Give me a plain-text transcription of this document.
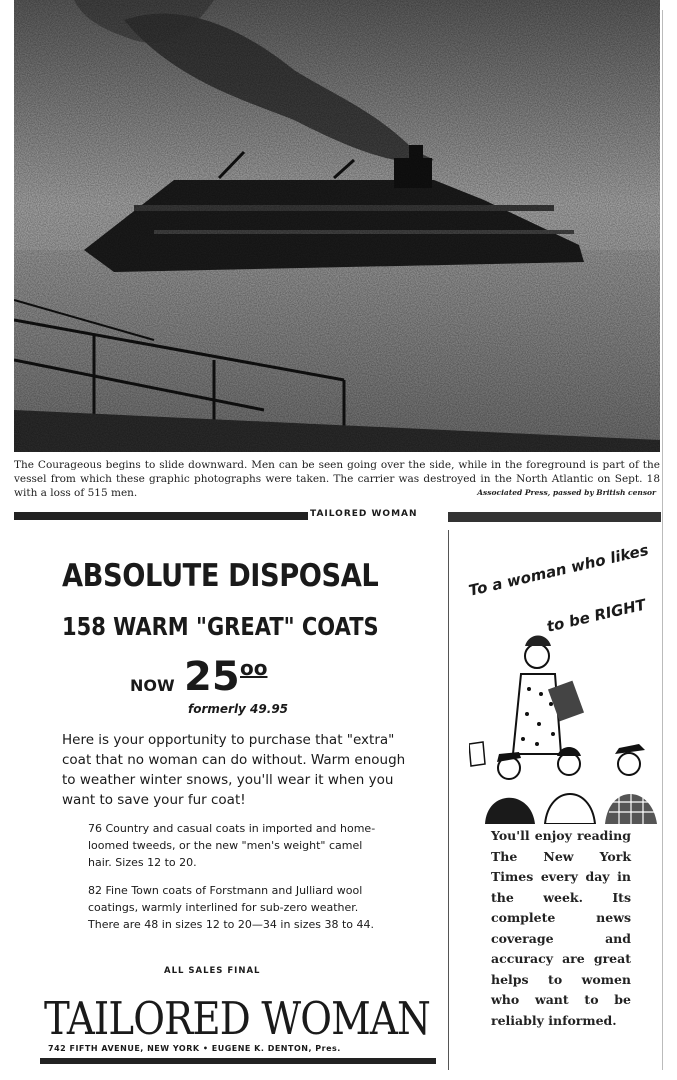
The Courageous begins to slide downward. Men can be seen going over the side, while in the foreground is part of the vessel from which these graphic photographs were taken. The carrier was destroyed in the North Atlantic on Sept. 18 with a loss of 515 men.	Associated Press, passed by British censor
TAILORED WOMAN
ABSOLUTE DISPOSAL
158 WARM "GREAT" COATS
NOW 25 oo
formerly 49.95
Here is your opportunity to purchase that "extra" coat that no woman can do without. Warm enough to weather winter snows, you'll wear it when you want to save your fur coat!
76 Country and casual coats in imported and home-loomed tweeds, or the new "men's weight" camel hair. Sizes 12 to 20.
82 Fine Town coats of Forstmann and Julliard wool coatings, warmly interlined for sub-zero weather. There are 48 in sizes 12 to 20—34 in sizes 38 to 44.
ALL SALES FINAL
TAILORED WOMAN
742 FIFTH AVENUE, NEW YORK • EUGENE K. DENTON, Pres.
To a woman who likes
to be RIGHT
You'll enjoy reading The New York Times every day in the week. Its complete news coverage and accuracy are great helps to women who want to be reliably informed.
